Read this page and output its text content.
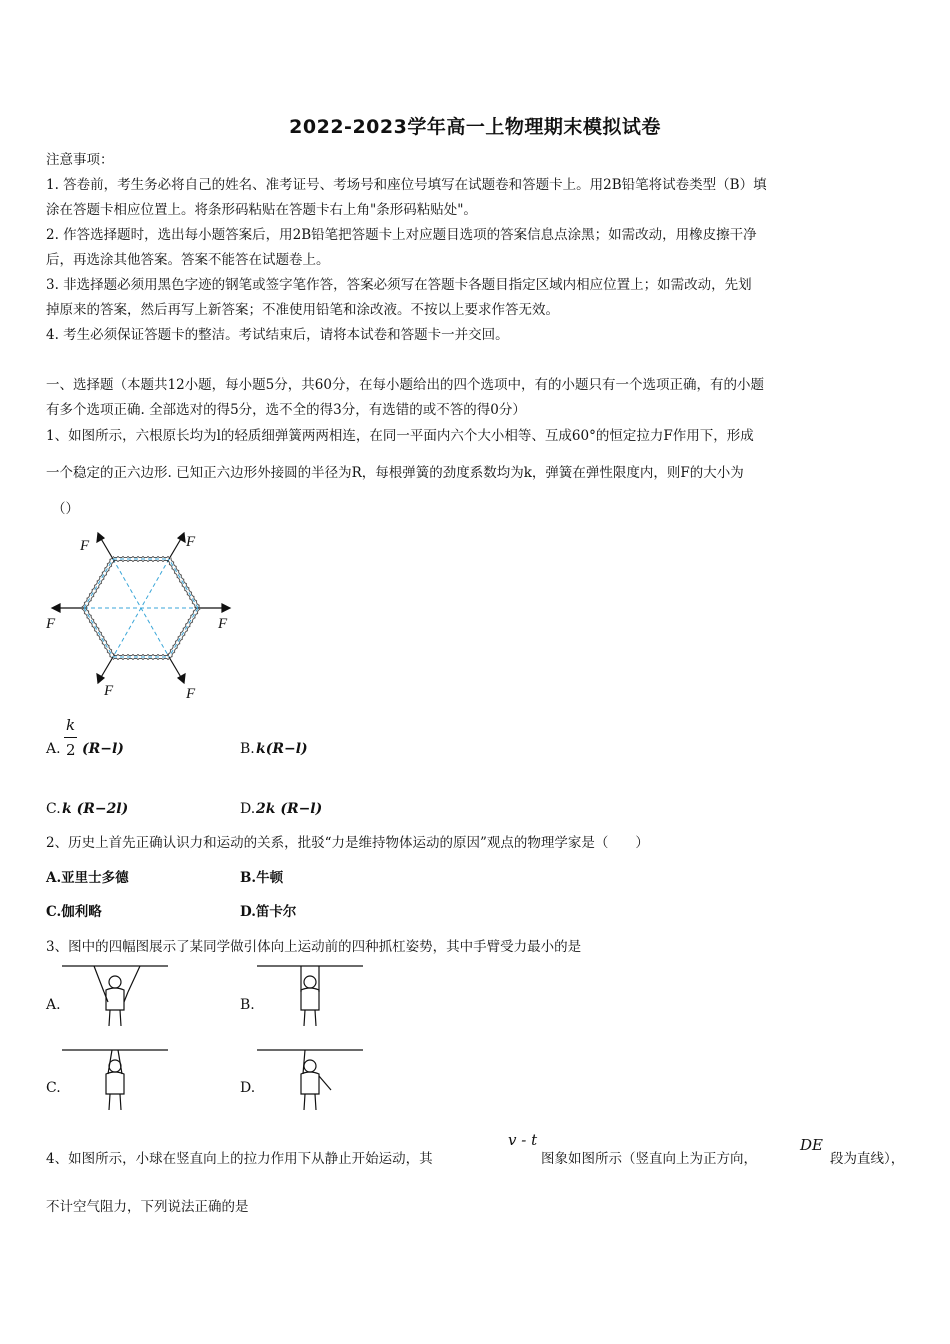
2022-2023学年高一上物理期末模拟试卷
注意事项：
1. 答卷前，考生务必将自己的姓名、准考证号、考场号和座位号填写在试题卷和答题卡上。用2B铅笔将试卷类型（B）填
涂在答题卡相应位置上。将条形码粘贴在答题卡右上角"条形码粘贴处"。
2. 作答选择题时，选出每小题答案后，用2B铅笔把答题卡上对应题目选项的答案信息点涂黑；如需改动，用橡皮擦干净
后，再选涂其他答案。答案不能答在试题卷上。
3. 非选择题必须用黑色字迹的钢笔或签字笔作答，答案必须写在答题卡各题目指定区域内相应位置上；如需改动，先划
掉原来的答案，然后再写上新答案；不准使用铅笔和涂改液。不按以上要求作答无效。
4. 考生必须保证答题卡的整洁。考试结束后，请将本试卷和答题卡一并交回。
一、选择题（本题共12小题，每小题5分，共60分，在每小题给出的四个选项中，有的小题只有一个选项正确，有的小题
有多个选项正确. 全部选对的得5分，选不全的得3分，有选错的或不答的得0分）
1、如图所示，六根原长均为l的轻质细弹簧两两相连，在同一平面内六个大小相等、互成60°的恒定拉力F作用下，形成
一个稳定的正六边形. 已知正六边形外接圆的半径为R，每根弹簧的劲度系数均为k，弹簧在弹性限度内，则F的大小为
（）
F	F
F	F
F	F
A.
k
2 (R−l)	B. k(R−l)
C. k (R−2l)	D. 2k (R−l)
2、历史上首先正确认识力和运动的关系，批驳“力是维持物体运动的原因”观点的物理学家是（　　）
A.亚里士多德	B.牛顿
C.伽利略	D.笛卡尔
3、图中的四幅图展示了某同学做引体向上运动前的四种抓杠姿势，其中手臂受力最小的是
A.	B.
C.	D.
4、如图所示，小球在竖直向上的拉力作用下从静止开始运动，其
v - t
图象如图所示（竖直向上为正方向，
DE
段为直线），
不计空气阻力，下列说法正确的是
